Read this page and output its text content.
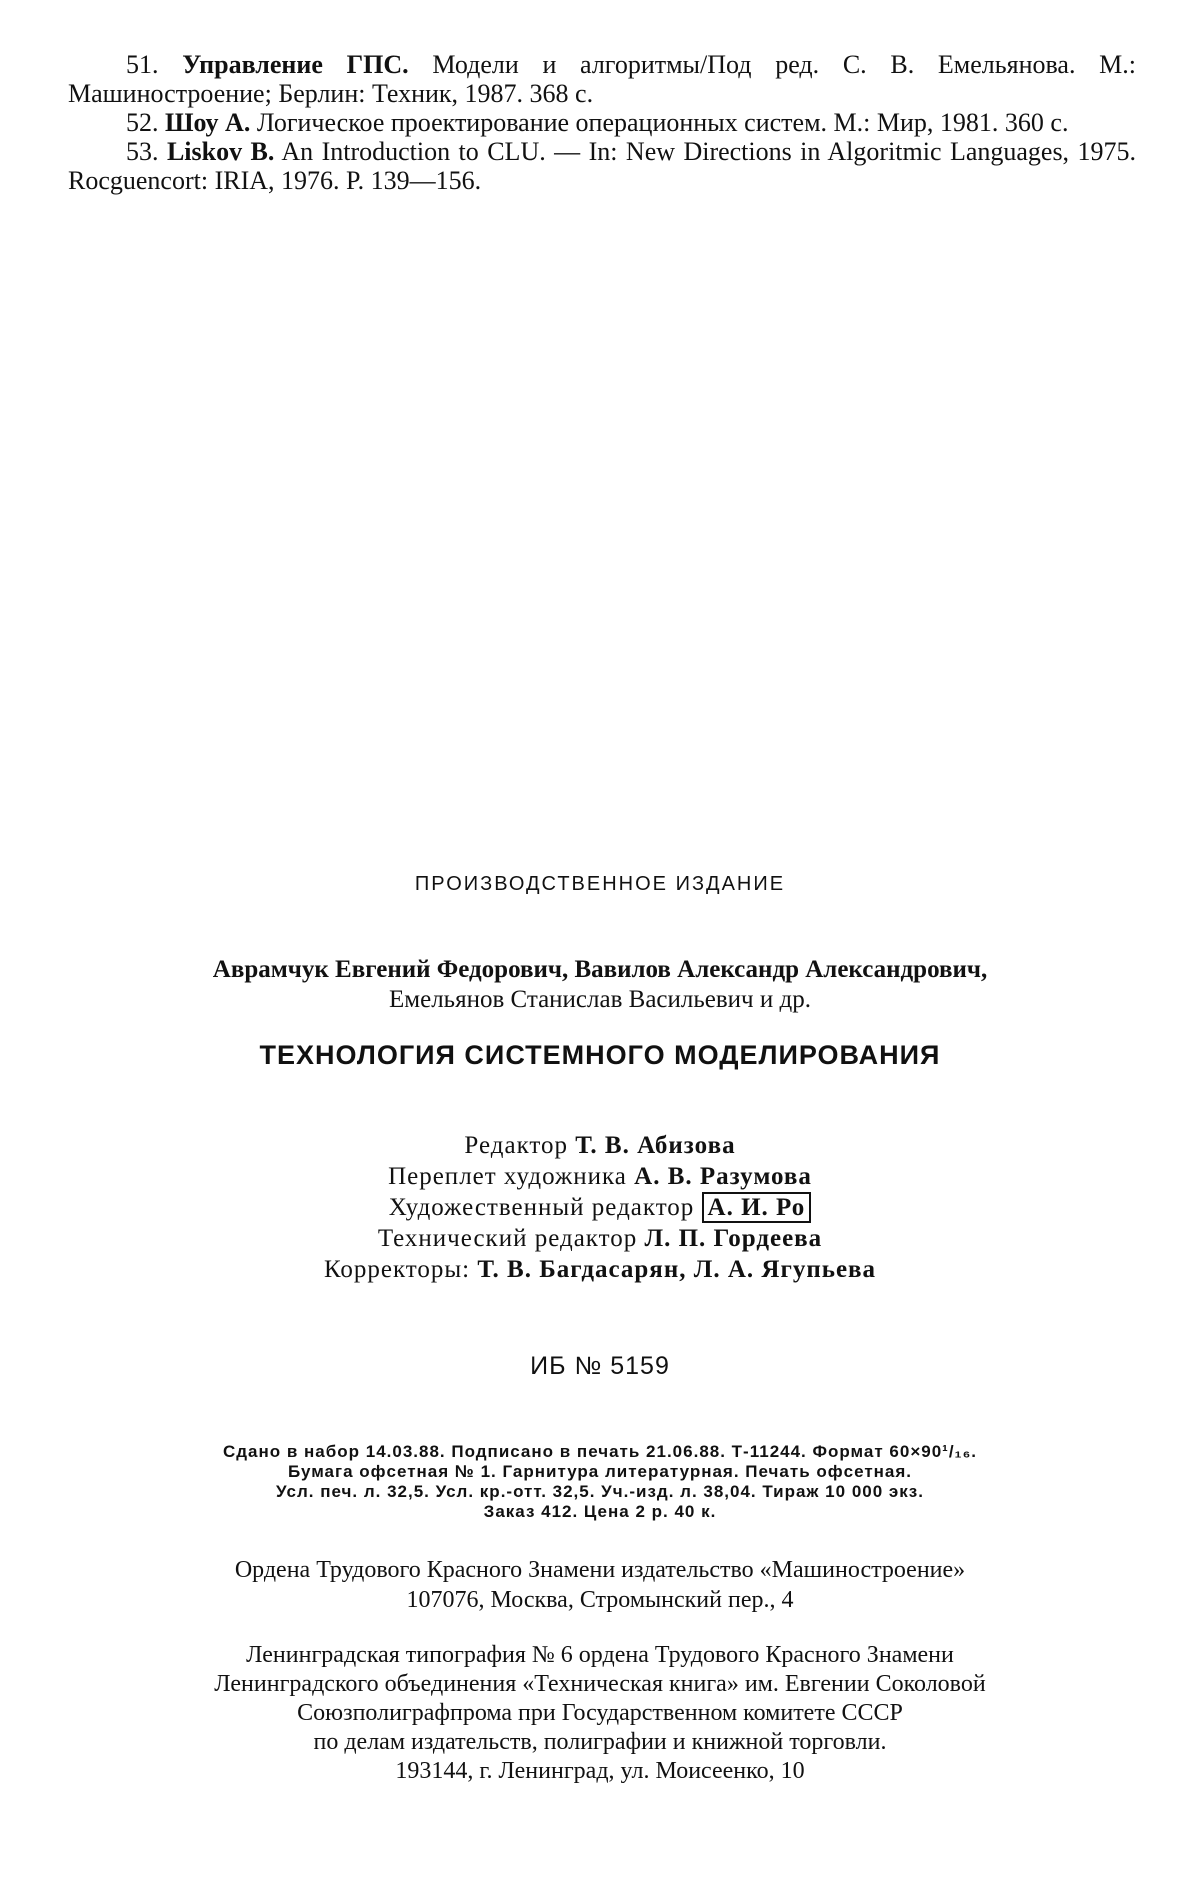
51. Управление ГПС. Модели и алгоритмы/Под ред. С. В. Емельянова. М.: Машиностроение; Берлин: Техник, 1987. 368 с.

52. Шоу А. Логическое проектирование операционных систем. М.: Мир, 1981. 360 с.

53. Liskov B. An Introduction to CLU. — In: New Directions in Algoritmic Languages, 1975. Rocguencort: IRIA, 1976. P. 139—156.

ПРОИЗВОДСТВЕННОЕ ИЗДАНИЕ
Аврамчук Евгений Федорович, Вавилов Александр Александрович,
Емельянов Станислав Васильевич и др.
ТЕХНОЛОГИЯ СИСТЕМНОГО МОДЕЛИРОВАНИЯ
Редактор Т. В. Абизова
Переплет художника А. В. Разумова
Художественный редактор А. И. Ро
Технический редактор Л. П. Гордеева
Корректоры: Т. В. Багдасарян, Л. А. Ягупьева
ИБ № 5159
Сдано в набор 14.03.88. Подписано в печать 21.06.88. Т-11244. Формат 60×90¹/₁₆.
Бумага офсетная № 1. Гарнитура литературная. Печать офсетная.
Усл. печ. л. 32,5. Усл. кр.-отт. 32,5. Уч.-изд. л. 38,04. Тираж 10 000 экз.
Заказ 412. Цена 2 р. 40 к.
Ордена Трудового Красного Знамени издательство «Машиностроение»
107076, Москва, Стромынский пер., 4
Ленинградская типография № 6 ордена Трудового Красного Знамени
Ленинградского объединения «Техническая книга» им. Евгении Соколовой
Союзполиграфпрома при Государственном комитете СССР
по делам издательств, полиграфии и книжной торговли.
193144, г. Ленинград, ул. Моисеенко, 10
